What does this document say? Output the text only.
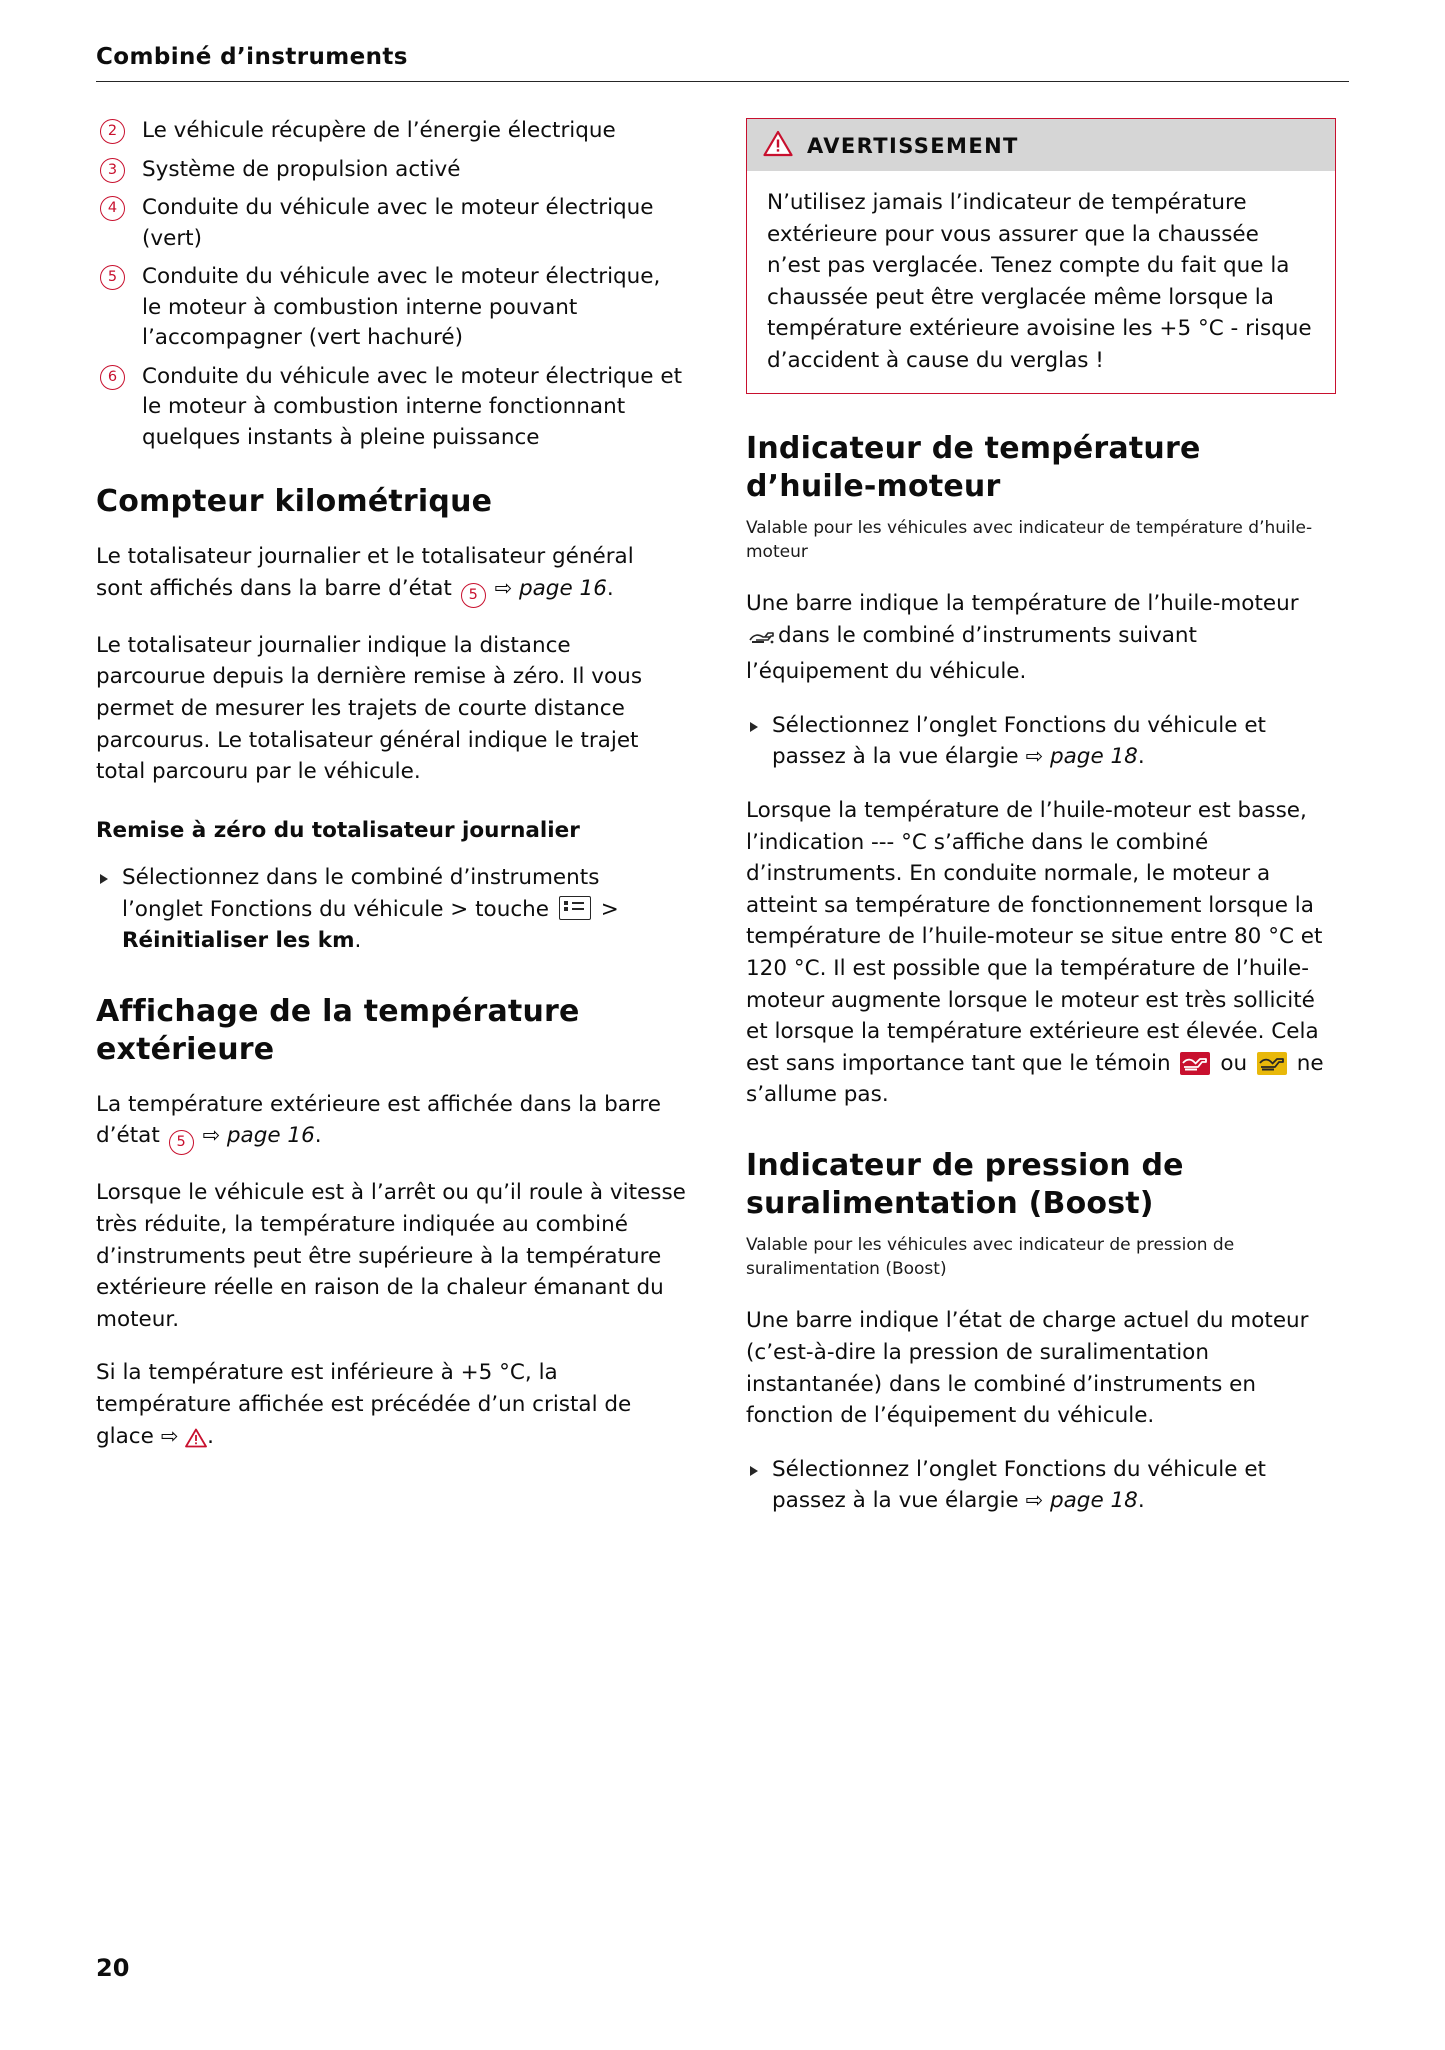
Combiné d’instruments
2	Le véhicule récupère de l’énergie électrique
3	Système de propulsion activé
4	Conduite du véhicule avec le moteur électrique (vert)
5	Conduite du véhicule avec le moteur électrique, le moteur à combustion interne pouvant l’accompagner (vert hachuré)
6	Conduite du véhicule avec le moteur électrique et le moteur à combustion interne fonctionnant quelques instants à pleine puissance
Compteur kilométrique

Le totalisateur journalier et le totalisateur général sont affichés dans la barre d’état 5 ⇨ page 16.

Le totalisateur journalier indique la distance parcourue depuis la dernière remise à zéro. Il vous permet de mesurer les trajets de courte distance parcourus. Le totalisateur général indique le trajet total parcouru par le véhicule.

Remise à zéro du totalisateur journalier
Sélectionnez dans le combiné d’instruments l’onglet Fonctions du véhicule > touche > Réinitialiser les km.
Affichage de la température extérieure

La température extérieure est affichée dans la barre d’état 5 ⇨ page 16.

Lorsque le véhicule est à l’arrêt ou qu’il roule à vitesse très réduite, la température indiquée au combiné d’instruments peut être supérieure à la température extérieure réelle en raison de la chaleur émanant du moteur.

Si la température est inférieure à +5 °C, la température affichée est précédée d’un cristal de glace ⇨ .

AVERTISSEMENT

N’utilisez jamais l’indicateur de température extérieure pour vous assurer que la chaussée n’est pas verglacée. Tenez compte du fait que la chaussée peut être verglacée même lorsque la température extérieure avoisine les +5 °C - risque d’accident à cause du verglas !

Indicateur de température d’huile-moteur
Valable pour les véhicules avec indicateur de température d’huile-moteur

Une barre indique la température de l’huile-moteur dans le combiné d’instruments suivant l’équipement du véhicule.

Sélectionnez l’onglet Fonctions du véhicule et passez à la vue élargie ⇨ page 18.

Lorsque la température de l’huile-moteur est basse, l’indication --- °C s’affiche dans le combiné d’instruments. En conduite normale, le moteur a atteint sa température de fonctionnement lorsque la température de l’huile-moteur se situe entre 80 °C et 120 °C. Il est possible que la température de l’huile-moteur augmente lorsque le moteur est très sollicité et lorsque la température extérieure est élevée. Cela est sans importance tant que le témoin ou ne s’allume pas.

Indicateur de pression de suralimentation (Boost)
Valable pour les véhicules avec indicateur de pression de suralimentation (Boost)

Une barre indique l’état de charge actuel du moteur (c’est-à-dire la pression de suralimentation instantanée) dans le combiné d’instruments en fonction de l’équipement du véhicule.

Sélectionnez l’onglet Fonctions du véhicule et passez à la vue élargie ⇨ page 18.
20
